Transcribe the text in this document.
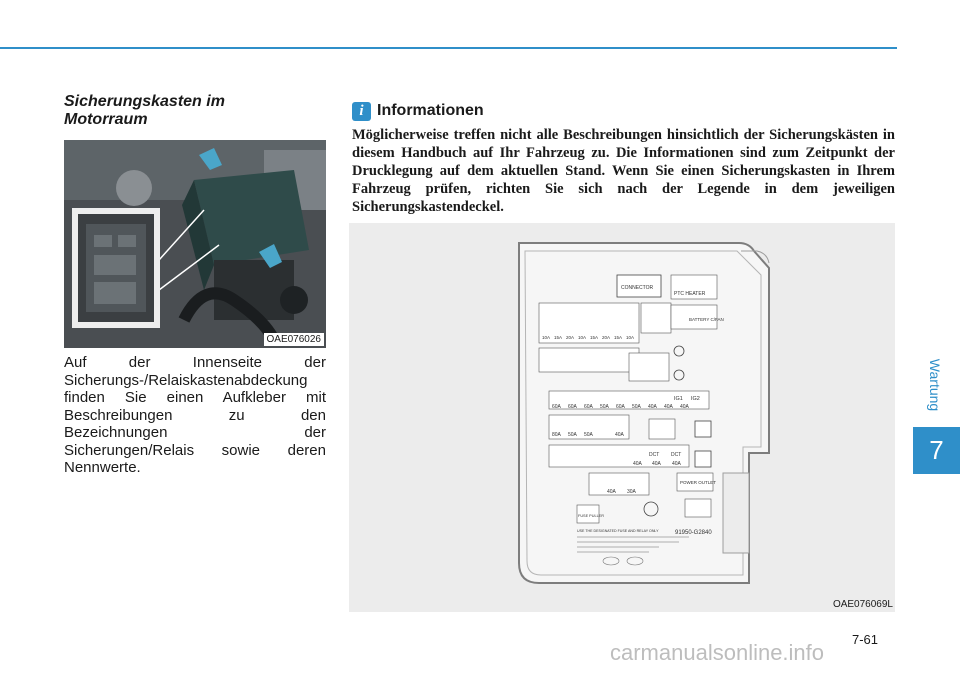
Wartung
7
Sicherungskasten im Motorraum
OAE076026
Auf der Innenseite der Sicherungs-/Relaiskastenabdeckung finden Sie einen Aufkleber mit Beschreibungen zu den Bezeichnungen der Sicherungen/Relais sowie deren Nennwerte.
i Informationen
Möglicherweise treffen nicht alle Beschreibungen hinsichtlich der Sicherungskästen in diesem Handbuch auf Ihr Fahrzeug zu. Die Informationen sind zum Zeitpunkt der Drucklegung auf dem aktuellen Stand. Wenn Sie einen Sicherungskasten in Ihrem Fahrzeug prüfen, richten Sie sich nach der Legende in dem jeweiligen Sicherungskastendeckel.
CONNECTOR
10A 15A 20A 10A 15A 20A 15A 10A
PTC HEATER
BATTERY C/FAN
IG1 IG2
60A 60A 60A 50A 60A 50A 40A 40A 40A
80A 50A 50A	40A
DCT DCT
40A 40A 40A
40A 30A
POWER OUTLET
FUSE PULLER
91950-G2840
USE THE DESIGNATED FUSE AND RELAY ONLY
OAE076069L
7-61
carmanualsonline.info
